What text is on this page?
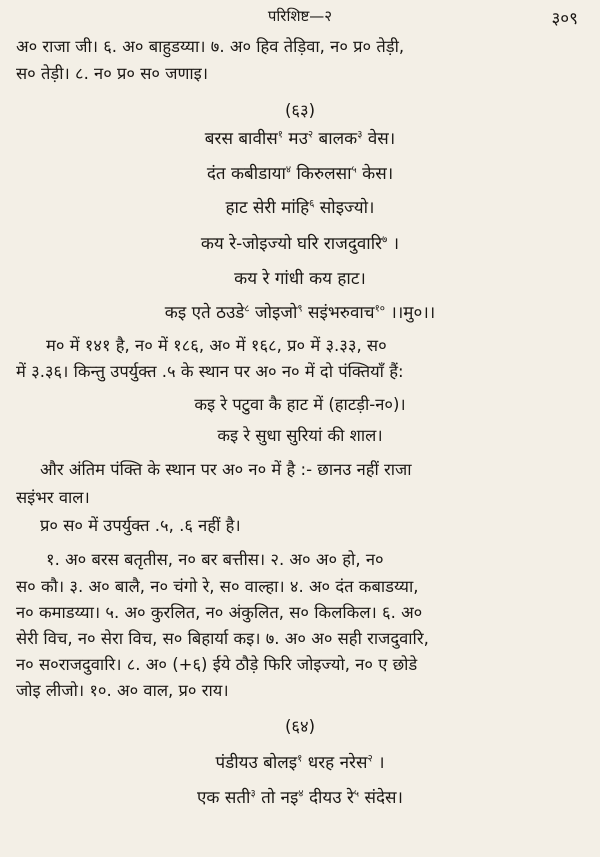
परिशिष्ट—२	३०९
अ० राजा जी। ६. अ० बाहुडय्या। ७. अ० हिव तेड़िवा, न० प्र० तेड़ी,
स० तेड़ी। ८. न० प्र० स० जणाइ।
(६३)
बरस बावीस$^१$ मउ$^२$ बालक$^३$ वेस।
दंत कबीडाया$^४$ किरुलसा$^५$ केस।
हाट सेरी मांहि$^६$ सोइज्यो।
कय रे-जोइज्यो घरि राजदुवारि$^७$ ।
कय रे गांधी कय हाट।
कइ एते ठउडे$^८$ जोइजो$^९$ सइंभरुवाच$^{१०}$ ।।मु०।।
म० में १४१ है, न० में १८६, अ० में १६८, प्र० में ३.३३, स०
में ३.३६। किन्तु उपर्युक्त .५ के स्थान पर अ० न० में दो पंक्तियाँ हैं:
कइ रे पटुवा कै हाट में (हाटड़ी-न०)।
कइ रे सुधा सुरियां की शाल।
और अंतिम पंक्ति के स्थान पर अ० न० में है :- छानउ नहीं राजा
सइंभर वाल।
प्र० स० में उपर्युक्त .५, .६ नहीं है।
१. अ० बरस बतृतीस, न० बर बत्तीस। २. अ० अ० हो, न०
स० कौ। ३. अ० बालै, न० चंगो रे, स० वाल्हा। ४. अ० दंत कबाडय्या,
न० कमाडय्या। ५. अ० कुरलित, न० अंकुलित, स० किलकिल। ६. अ०
सेरी विच, न० सेरा विच, स० बिहार्या कइ। ७. अ० अ० सही राजदुवारि,
न० स०राजदुवारि। ८. अ० (+६) ईये ठौड़े फिरि जोइज्यो, न० ए छोडे
जोइ लीजो। १०. अ० वाल, प्र० राय।
(६४)
पंडीयउ बोलइ$^१$ धरह नरेस$^२$ ।
एक सती$^३$ तो नइ$^४$ दीयउ रे$^५$ संदेस।
